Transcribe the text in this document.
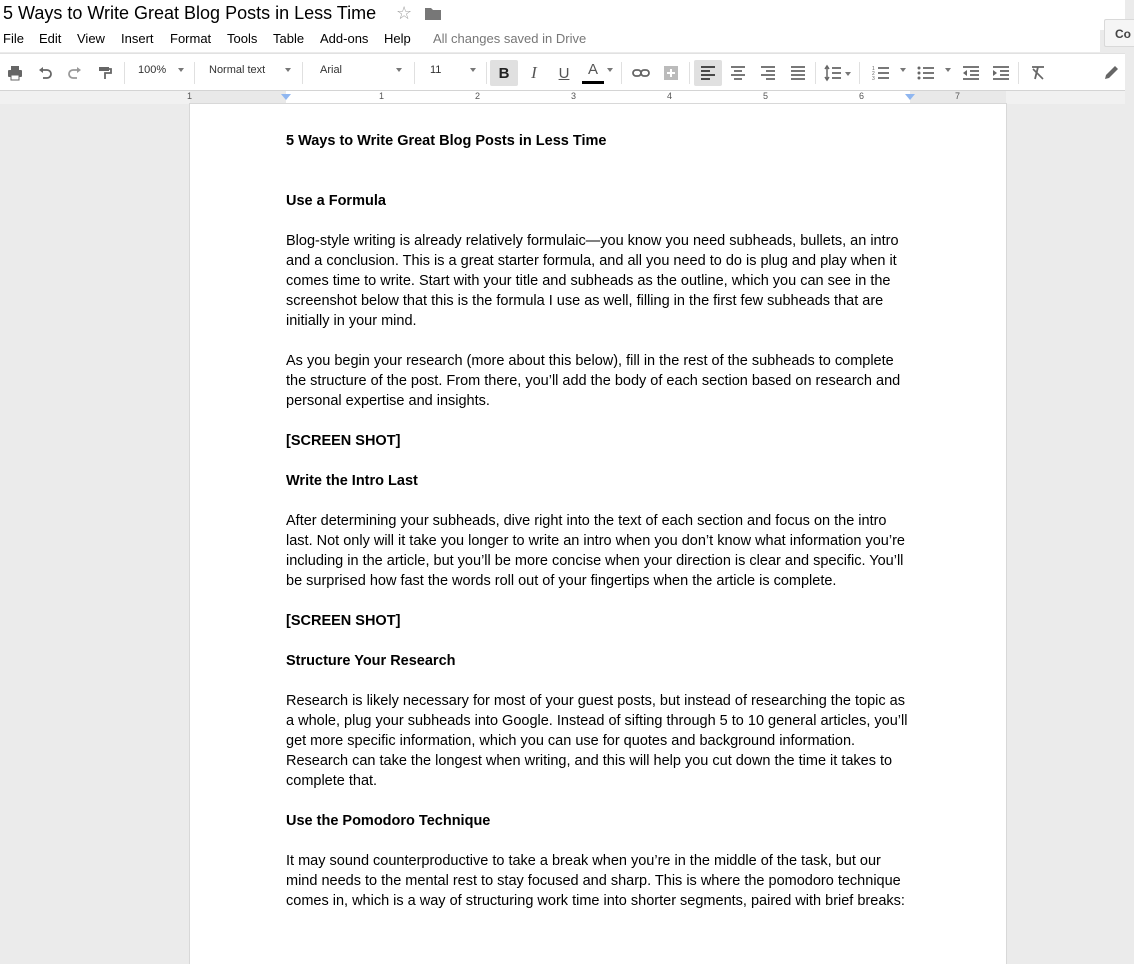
5 Ways to Write Great Blog Posts in Less Time ☆
Co
File Edit View Insert Format Tools Table Add-ons Help All changes saved in Drive
100%	Normal text	Arial	11	B	I	U	A	1
2
3
1	1	2	3	4	5	6	7

5 Ways to Write Great Blog Posts in Less Time

Use a Formula

Blog-style writing is already relatively formulaic—you know you need subheads, bullets, an intro and a conclusion. This is a great starter formula, and all you need to do is plug and play when it comes time to write. Start with your title and subheads as the outline, which you can see in the screenshot below that this is the formula I use as well, filling in the first few subheads that are initially in your mind.

As you begin your research (more about this below), fill in the rest of the subheads to complete the structure of the post. From there, you’ll add the body of each section based on research and personal expertise and insights.

[SCREEN SHOT]

Write the Intro Last

After determining your subheads, dive right into the text of each section and focus on the intro last. Not only will it take you longer to write an intro when you don’t know what information you’re including in the article, but you’ll be more concise when your direction is clear and specific. You’ll be surprised how fast the words roll out of your fingertips when the article is complete.

[SCREEN SHOT]

Structure Your Research

Research is likely necessary for most of your guest posts, but instead of researching the topic as a whole, plug your subheads into Google. Instead of sifting through 5 to 10 general articles, you’ll get more specific information, which you can use for quotes and background information. Research can take the longest when writing, and this will help you cut down the time it takes to complete that.

Use the Pomodoro Technique

It may sound counterproductive to take a break when you’re in the middle of the task, but our mind needs to the mental rest to stay focused and sharp. This is where the pomodoro technique comes in, which is a way of structuring work time into shorter segments, paired with brief breaks:
